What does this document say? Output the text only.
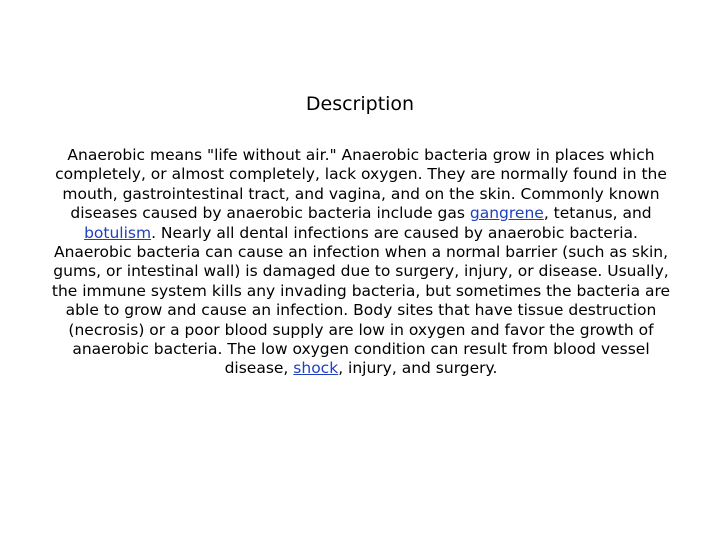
Description

Anaerobic means "life without air." Anaerobic bacteria grow in places which completely, or almost completely, lack oxygen. They are normally found in the mouth, gastrointestinal tract, and vagina, and on the skin. Commonly known diseases caused by anaerobic bacteria include gas gangrene, tetanus, and botulism. Nearly all dental infections are caused by anaerobic bacteria.

Anaerobic bacteria can cause an infection when a normal barrier (such as skin, gums, or intestinal wall) is damaged due to surgery, injury, or disease. Usually, the immune system kills any invading bacteria, but sometimes the bacteria are able to grow and cause an infection. Body sites that have tissue destruction (necrosis) or a poor blood supply are low in oxygen and favor the growth of anaerobic bacteria. The low oxygen condition can result from blood vessel disease, shock, injury, and surgery.
